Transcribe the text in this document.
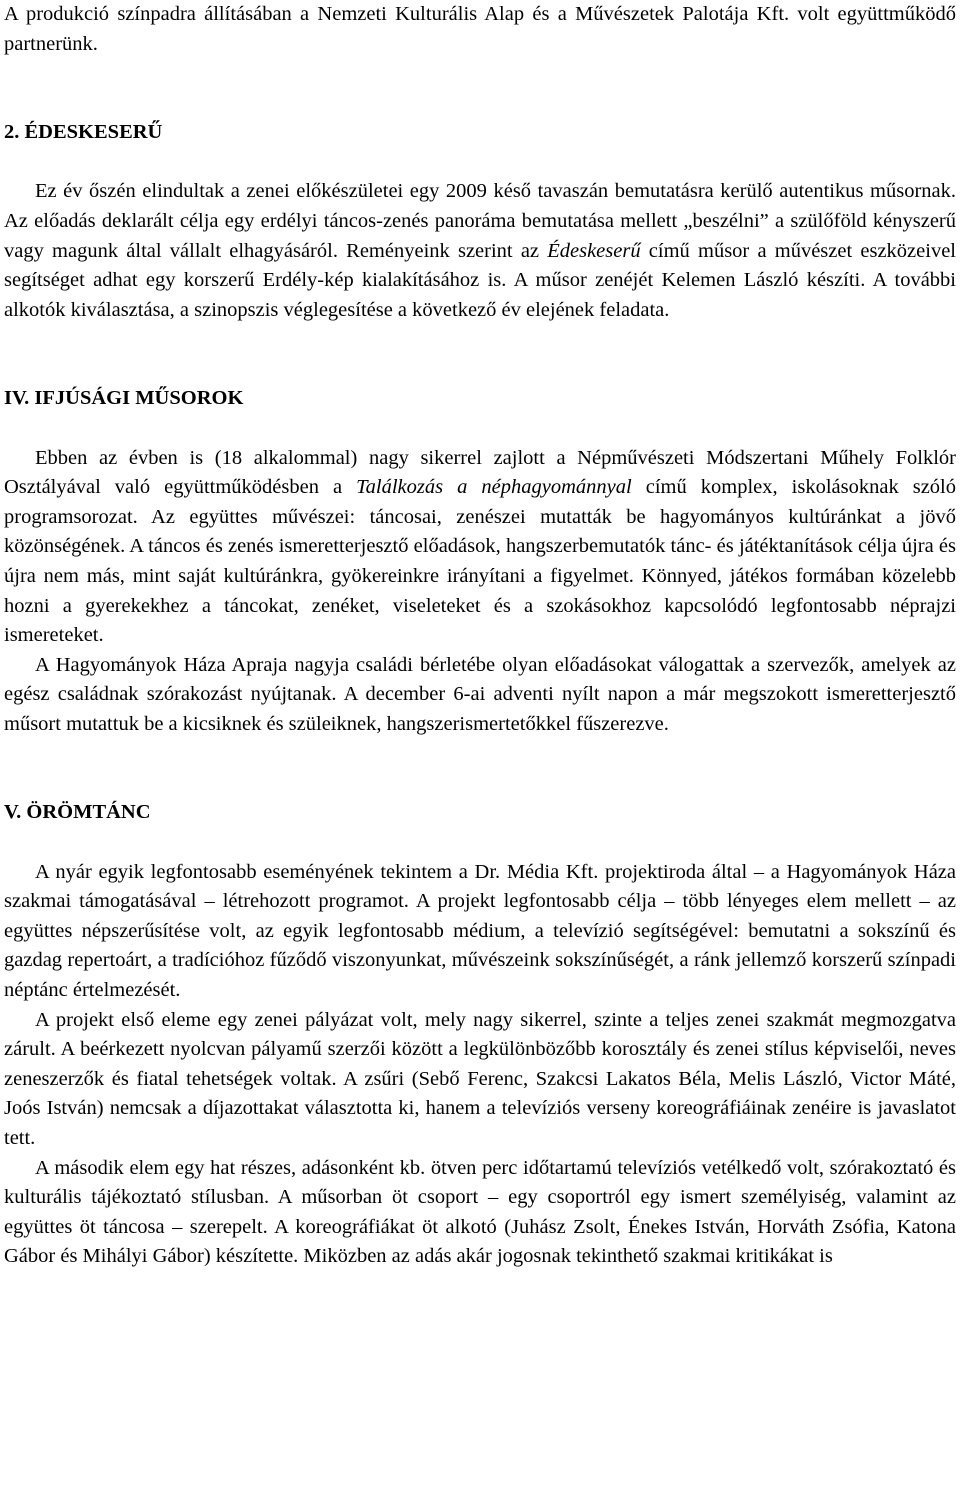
A produkció színpadra állításában a Nemzeti Kulturális Alap és a Művészetek Palotája Kft. volt együttműködő partnerünk.

2. ÉDESKESERŰ

Ez év őszén elindultak a zenei előkészületei egy 2009 késő tavaszán bemutatásra kerülő autentikus műsornak. Az előadás deklarált célja egy erdélyi táncos-zenés panoráma bemutatása mellett „beszélni” a szülőföld kényszerű vagy magunk által vállalt elhagyásáról. Reményeink szerint az Édeskeserű című műsor a művészet eszközeivel segítséget adhat egy korszerű Erdély-kép kialakításához is. A műsor zenéjét Kelemen László készíti. A további alkotók kiválasztása, a szinopszis véglegesítése a következő év elejének feladata.

IV. IFJÚSÁGI MŰSOROK

Ebben az évben is (18 alkalommal) nagy sikerrel zajlott a Népművészeti Módszertani Műhely Folklór Osztályával való együttműködésben a Találkozás a néphagyománnyal című komplex, iskolásoknak szóló programsorozat. Az együttes művészei: táncosai, zenészei mutatták be hagyományos kultúránkat a jövő közönségének. A táncos és zenés ismeretterjesztő előadások, hangszerbemutatók tánc- és játéktanítások célja újra és újra nem más, mint saját kultúránkra, gyökereinkre irányítani a figyelmet. Könnyed, játékos formában közelebb hozni a gyerekekhez a táncokat, zenéket, viseleteket és a szokásokhoz kapcsolódó legfontosabb néprajzi ismereteket.

A Hagyományok Háza Apraja nagyja családi bérletébe olyan előadásokat válogattak a szervezők, amelyek az egész családnak szórakozást nyújtanak. A december 6-ai adventi nyílt napon a már megszokott ismeretterjesztő műsort mutattuk be a kicsiknek és szüleiknek, hangszerismertetőkkel fűszerezve.

V. ÖRÖMTÁNC

A nyár egyik legfontosabb eseményének tekintem a Dr. Média Kft. projektiroda által – a Hagyományok Háza szakmai támogatásával – létrehozott programot. A projekt legfontosabb célja – több lényeges elem mellett – az együttes népszerűsítése volt, az egyik legfontosabb médium, a televízió segítségével: bemutatni a sokszínű és gazdag repertoárt, a tradícióhoz fűződő viszonyunkat, művészeink sokszínűségét, a ránk jellemző korszerű színpadi néptánc értelmezését.

A projekt első eleme egy zenei pályázat volt, mely nagy sikerrel, szinte a teljes zenei szakmát megmozgatva zárult. A beérkezett nyolcvan pályamű szerzői között a legkülönbözőbb korosztály és zenei stílus képviselői, neves zeneszerzők és fiatal tehetségek voltak. A zsűri (Sebő Ferenc, Szakcsi Lakatos Béla, Melis László, Victor Máté, Joós István) nemcsak a díjazottakat választotta ki, hanem a televíziós verseny koreográfiáinak zenéire is javaslatot tett.

A második elem egy hat részes, adásonként kb. ötven perc időtartamú televíziós vetélkedő volt, szórakoztató és kulturális tájékoztató stílusban. A műsorban öt csoport – egy csoportról egy ismert személyiség, valamint az együttes öt táncosa – szerepelt. A koreográfiákat öt alkotó (Juhász Zsolt, Énekes István, Horváth Zsófia, Katona Gábor és Mihályi Gábor) készítette. Miközben az adás akár jogosnak tekinthető szakmai kritikákat is
